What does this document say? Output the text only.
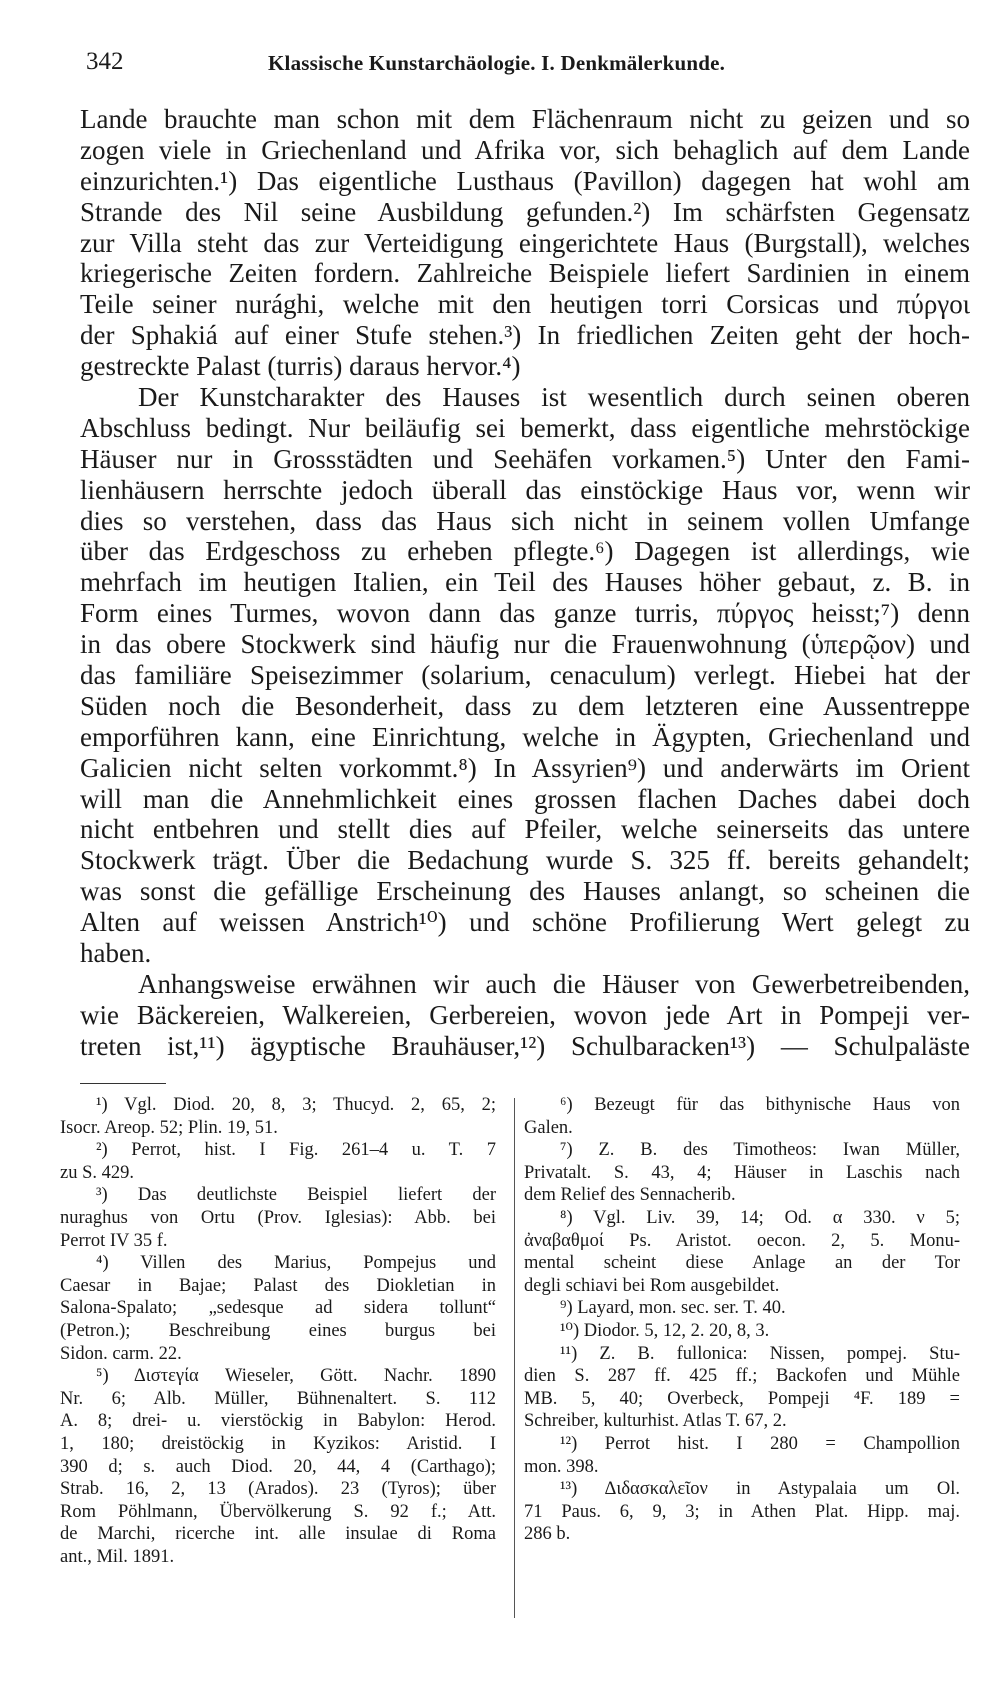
342	Klassische Kunstarchäologie. I. Denkmälerkunde.
Lande brauchte man schon mit dem Flächenraum nicht zu geizen und so
zogen viele in Griechenland und Afrika vor, sich behaglich auf dem Lande
einzurichten.¹) Das eigentliche Lusthaus (Pavillon) dagegen hat wohl am
Strande des Nil seine Ausbildung gefunden.²) Im schärfsten Gegensatz
zur Villa steht das zur Verteidigung eingerichtete Haus (Burgstall), welches
kriegerische Zeiten fordern. Zahlreiche Beispiele liefert Sardinien in einem
Teile seiner nurághi, welche mit den heutigen torri Corsicas und πύργοι
der Sphakiá auf einer Stufe stehen.³) In friedlichen Zeiten geht der hoch-
gestreckte Palast (turris) daraus hervor.⁴)
Der Kunstcharakter des Hauses ist wesentlich durch seinen oberen
Abschluss bedingt. Nur beiläufig sei bemerkt, dass eigentliche mehrstöckige
Häuser nur in Grossstädten und Seehäfen vorkamen.⁵) Unter den Fami-
lienhäusern herrschte jedoch überall das einstöckige Haus vor, wenn wir
dies so verstehen, dass das Haus sich nicht in seinem vollen Umfange
über das Erdgeschoss zu erheben pflegte.⁶) Dagegen ist allerdings, wie
mehrfach im heutigen Italien, ein Teil des Hauses höher gebaut, z. B. in
Form eines Turmes, wovon dann das ganze turris, πύργος heisst;⁷) denn
in das obere Stockwerk sind häufig nur die Frauenwohnung (ὑπερῷον) und
das familiäre Speisezimmer (solarium, cenaculum) verlegt. Hiebei hat der
Süden noch die Besonderheit, dass zu dem letzteren eine Aussentreppe
emporführen kann, eine Einrichtung, welche in Ägypten, Griechenland und
Galicien nicht selten vorkommt.⁸) In Assyrien⁹) und anderwärts im Orient
will man die Annehmlichkeit eines grossen flachen Daches dabei doch
nicht entbehren und stellt dies auf Pfeiler, welche seinerseits das untere
Stockwerk trägt. Über die Bedachung wurde S. 325 ff. bereits gehandelt;
was sonst die gefällige Erscheinung des Hauses anlangt, so scheinen die
Alten auf weissen Anstrich¹⁰) und schöne Profilierung Wert gelegt zu
haben.
Anhangsweise erwähnen wir auch die Häuser von Gewerbetreibenden,
wie Bäckereien, Walkereien, Gerbereien, wovon jede Art in Pompeji ver-
treten ist,¹¹) ägyptische Brauhäuser,¹²) Schulbaracken¹³) — Schulpaläste
¹) Vgl. Diod. 20, 8, 3; Thucyd. 2, 65, 2;
Isocr. Areop. 52; Plin. 19, 51.
²) Perrot, hist. I Fig. 261–4 u. T. 7
zu S. 429.
³) Das deutlichste Beispiel liefert der
nuraghus von Ortu (Prov. Iglesias): Abb. bei
Perrot IV 35 f.
⁴) Villen des Marius, Pompejus und
Caesar in Bajae; Palast des Diokletian in
Salona-Spalato; „sedesque ad sidera tollunt“
(Petron.); Beschreibung eines burgus bei
Sidon. carm. 22.
⁵) Διστεγία Wieseler, Gött. Nachr. 1890
Nr. 6; Alb. Müller, Bühnenaltert. S. 112
A. 8; drei- u. vierstöckig in Babylon: Herod.
1, 180; dreistöckig in Kyzikos: Aristid. I
390 d; s. auch Diod. 20, 44, 4 (Carthago);
Strab. 16, 2, 13 (Arados). 23 (Tyros); über
Rom Pöhlmann, Übervölkerung S. 92 f.; Att.
de Marchi, ricerche int. alle insulae di Roma
ant., Mil. 1891.
⁶) Bezeugt für das bithynische Haus von
Galen.
⁷) Z. B. des Timotheos: Iwan Müller,
Privatalt. S. 43, 4; Häuser in Laschis nach
dem Relief des Sennacherib.
⁸) Vgl. Liv. 39, 14; Od. α 330. ν 5;
ἀναβαθμοί Ps. Aristot. oecon. 2, 5. Monu-
mental scheint diese Anlage an der Tor
degli schiavi bei Rom ausgebildet.
⁹) Layard, mon. sec. ser. T. 40.
¹⁰) Diodor. 5, 12, 2. 20, 8, 3.
¹¹) Z. B. fullonica: Nissen, pompej. Stu-
dien S. 287 ff. 425 ff.; Backofen und Mühle
MB. 5, 40; Overbeck, Pompeji ⁴F. 189 =
Schreiber, kulturhist. Atlas T. 67, 2.
¹²) Perrot hist. I 280 = Champollion
mon. 398.
¹³) Διδασκαλεῖον in Astypalaia um Ol.
71 Paus. 6, 9, 3; in Athen Plat. Hipp. maj.
286 b.
